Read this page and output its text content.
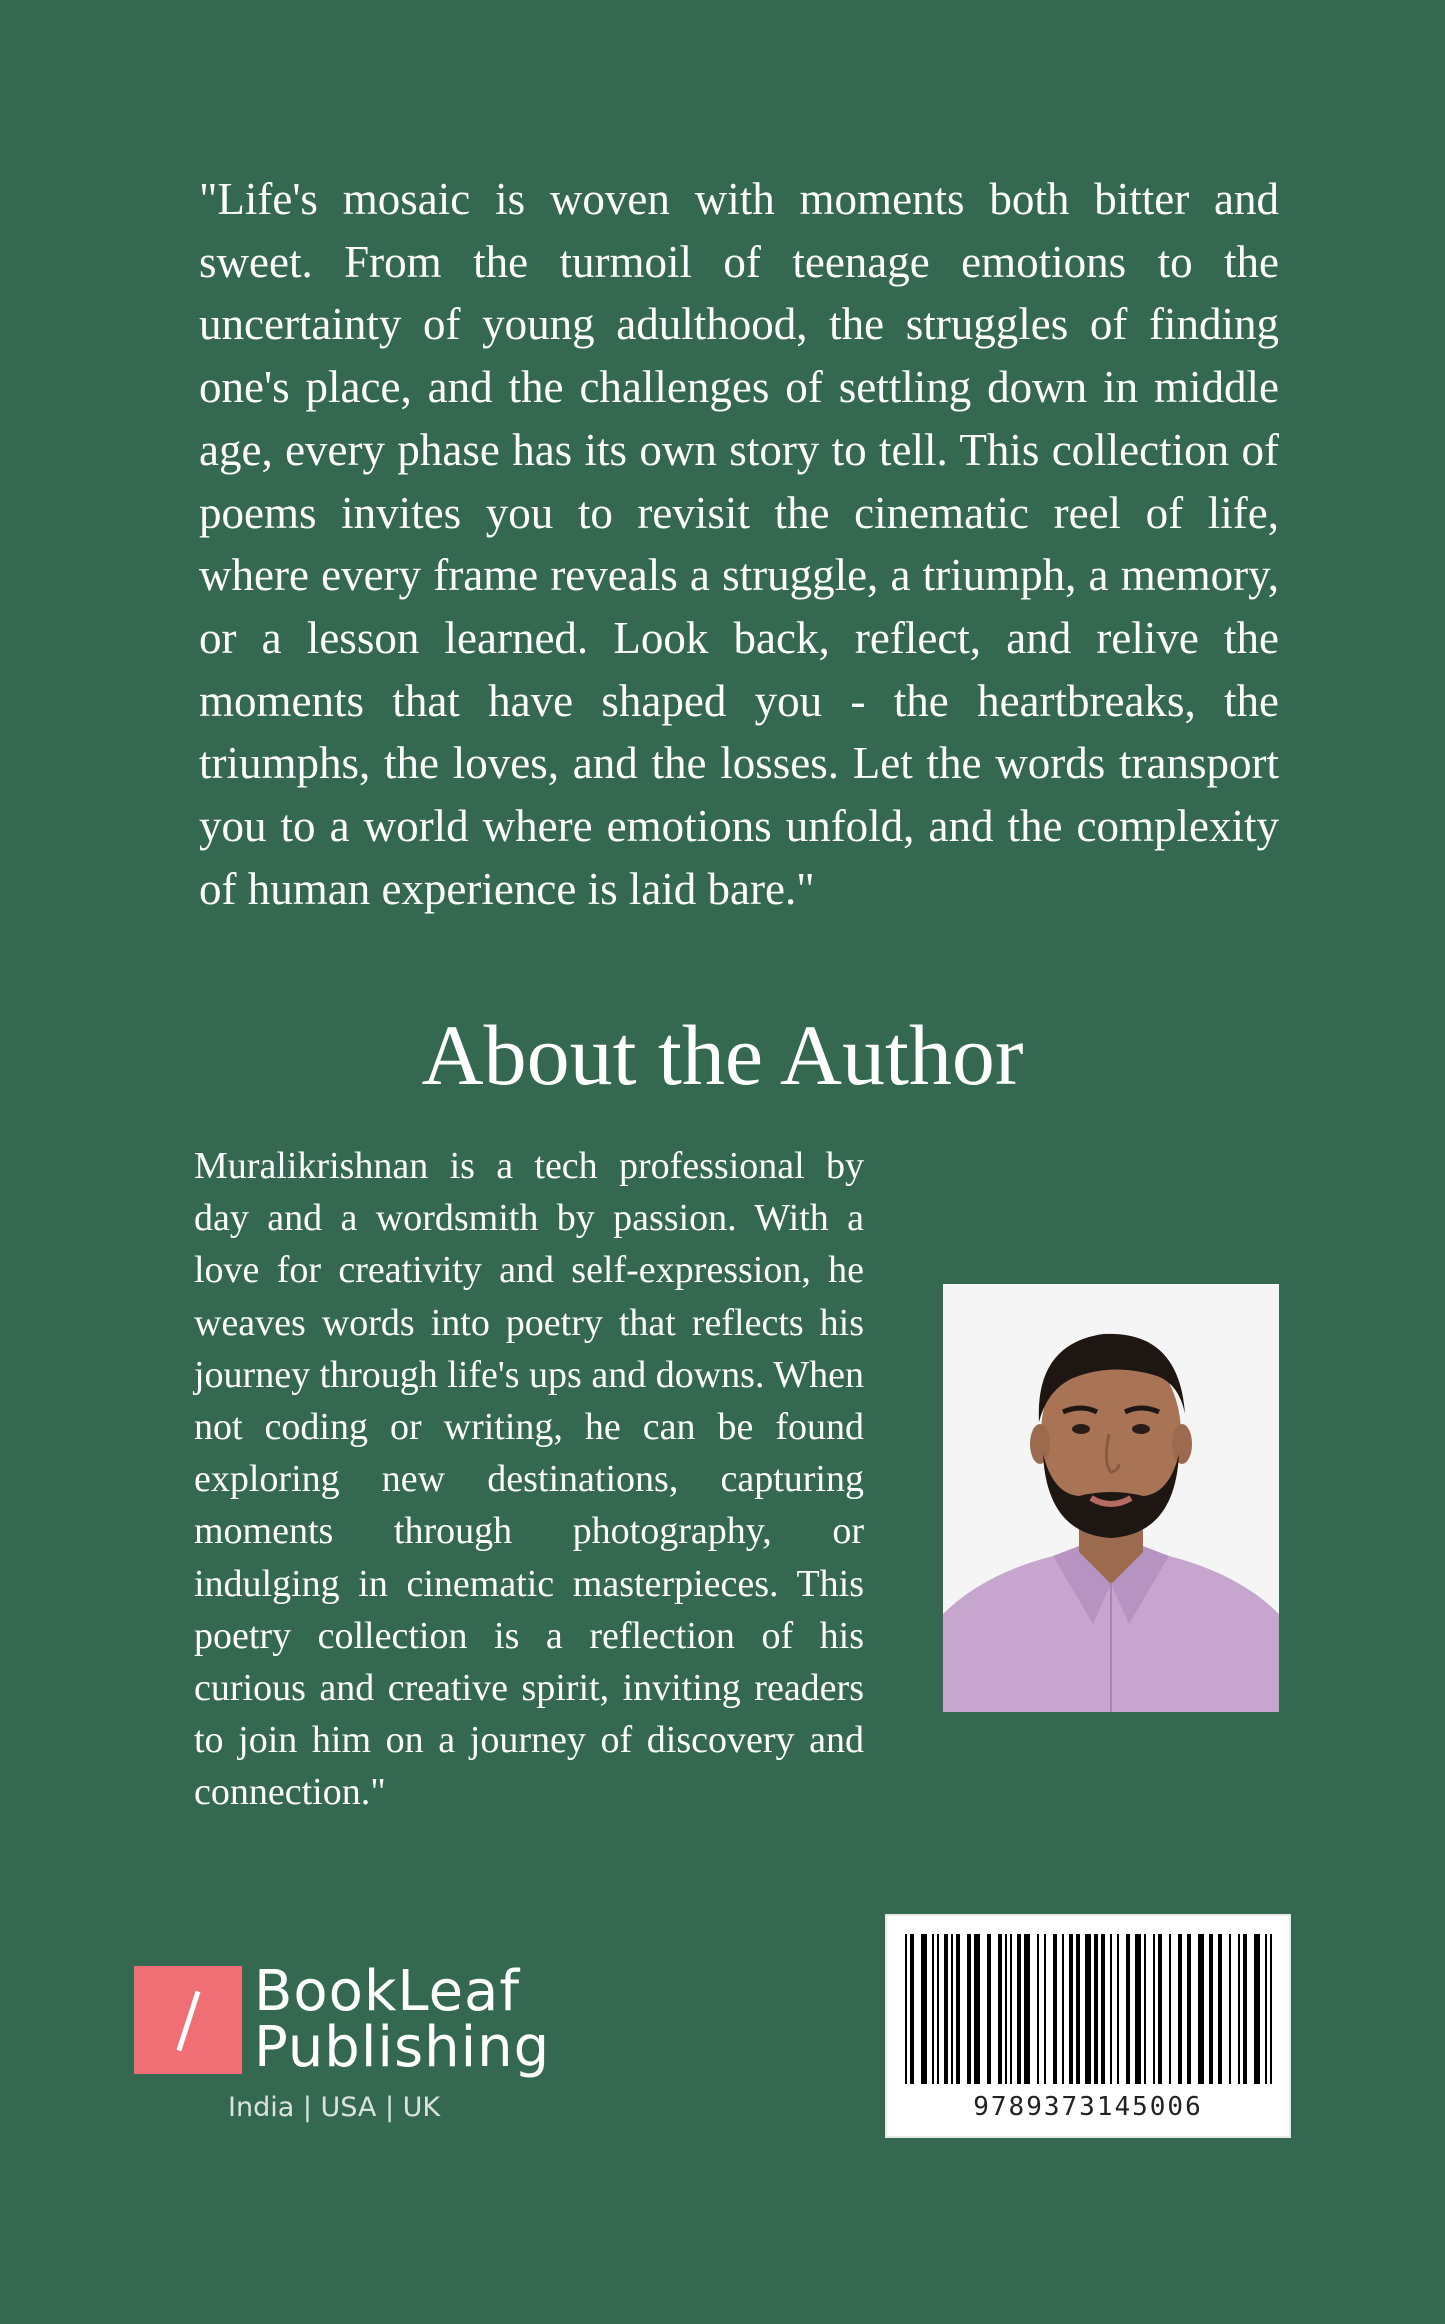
"Life's mosaic is woven with moments both bitter and sweet. From the turmoil of teenage emotions to the uncertainty of young adulthood, the struggles of finding one's place, and the challenges of settling down in middle age, every phase has its own story to tell. This collection of poems invites you to revisit the cinematic reel of life, where every frame reveals a struggle, a triumph, a memory, or a lesson learned. Look back, reflect, and relive the moments that have shaped you - the heartbreaks, the triumphs, the loves, and the losses. Let the words transport you to a world where emotions unfold, and the complexity of human experience is laid bare."

About the Author

Muralikrishnan is a tech professional by day and a wordsmith by passion. With a love for creativity and self-expression, he weaves words into poetry that reflects his journey through life's ups and downs. When not coding or writing, he can be found exploring new destinations, capturing moments through photography, or indulging in cinematic masterpieces. This poetry collection is a reflection of his curious and creative spirit, inviting readers to join him on a journey of discovery and connection."

BookLeaf
Publishing
India | USA | UK	9789373145006
